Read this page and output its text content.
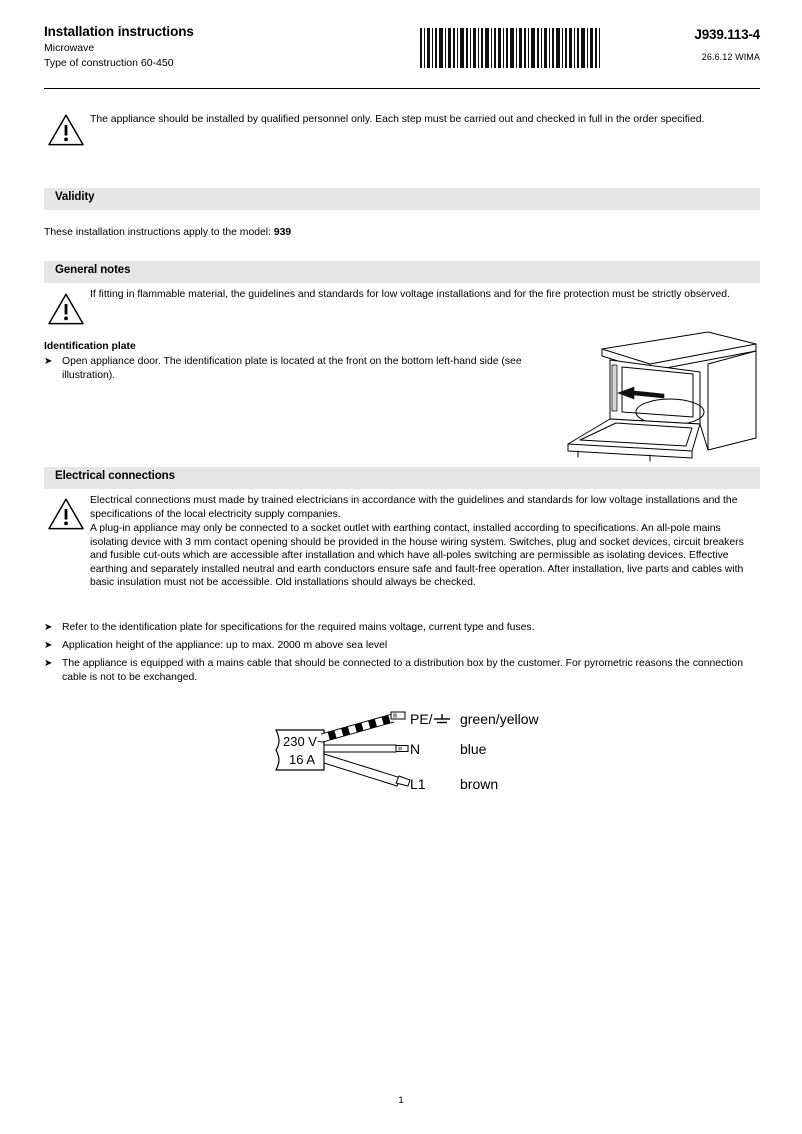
Installation instructions
Microwave
Type of construction 60-450
J939.113-4
26.6.12 WIMA
The appliance should be installed by qualified personnel only. Each step must be carried out and checked in full in the order specified.
Validity
These installation instructions apply to the model: 939
General notes
If fitting in flammable material, the guidelines and standards for low voltage installations and for the fire protection must be strictly observed.
Identification plate
➤ Open appliance door. The identification plate is located at the front on the bottom left-hand side (see illustration).
Electrical connections
Electrical connections must made by trained electricians in accordance with the guidelines and standards for low voltage installations and the specifications of the local electricity supply companies.
A plug-in appliance may only be connected to a socket outlet with earthing contact, installed according to specifications. An all-pole mains isolating device with 3 mm contact opening should be provided in the house wiring system. Switches, plug and socket devices, circuit breakers and fusible cut-outs which are accessible after installation and which have all-poles switching are permissible as isolating devices. Effective earthing and separately installed neutral and earth conductors ensure safe and fault-free operation. After installation, live parts and cables with basic insulation must not be accessible. Old installations should always be checked.
➤ Refer to the identification plate for specifications for the required mains voltage, current type and fuses.
➤ Application height of the appliance: up to max. 2000 m above sea level
➤ The appliance is equipped with a mains cable that should be connected to a distribution box by the customer. For pyrometric reasons the connection cable is not to be exchanged.
230 V~
16 A
PE/ green/yellow
N	blue
L1 brown
1
